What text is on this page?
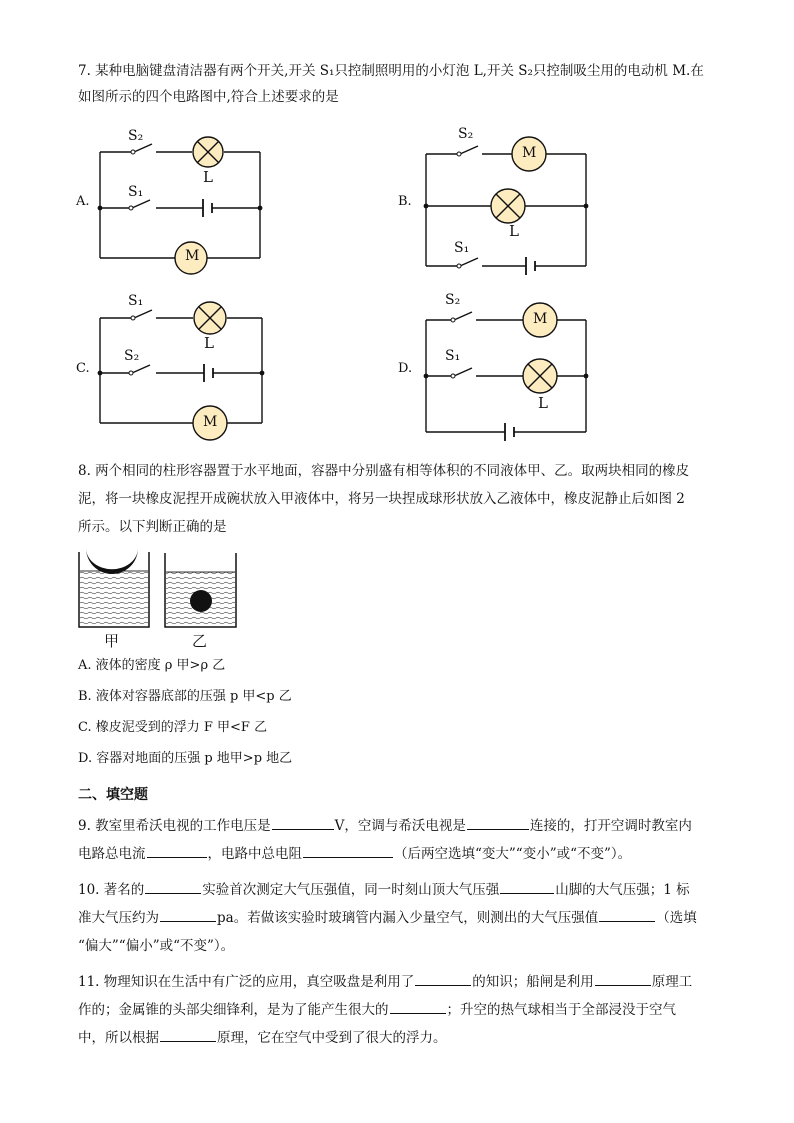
7. 某种电脑键盘清洁器有两个开关,开关 S₁只控制照明用的小灯泡 L,开关 S₂只控制吸尘用的电动机 M.在
如图所示的四个电路图中,符合上述要求的是
A.
S₂
S₁
L
M
B.
S₂
S₁
L
M
C.
S₁
S₂
L
M
D.
S₂
S₁
L
M
8. 两个相同的柱形容器置于水平地面，容器中分别盛有相等体积的不同液体甲、乙。取两块相同的橡皮
泥，将一块橡皮泥捏开成碗状放入甲液体中，将另一块捏成球形状放入乙液体中，橡皮泥静止后如图 2
所示。以下判断正确的是
甲	乙
A. 液体的密度 ρ 甲>ρ 乙
B. 液体对容器底部的压强 p 甲<p 乙
C. 橡皮泥受到的浮力 F 甲<F 乙
D. 容器对地面的压强 p 地甲>p 地乙
二、填空题
9. 教室里希沃电视的工作电压是	V，空调与希沃电视是	连接的，打开空调时教室内
电路总电流	，电路中总电阻	（后两空选填“变大”“变小”或“不变”）。
10. 著名的	实验首次测定大气压强值，同一时刻山顶大气压强	山脚的大气压强；1 标
准大气压约为	pa。若做该实验时玻璃管内漏入少量空气，则测出的大气压强值	（选填
“偏大”“偏小”或“不变”）。
11. 物理知识在生活中有广泛的应用，真空吸盘是利用了	的知识；船闸是利用	原理工
作的；金属锥的头部尖细锋利，是为了能产生很大的	；升空的热气球相当于全部浸没于空气
中，所以根据	原理，它在空气中受到了很大的浮力。
